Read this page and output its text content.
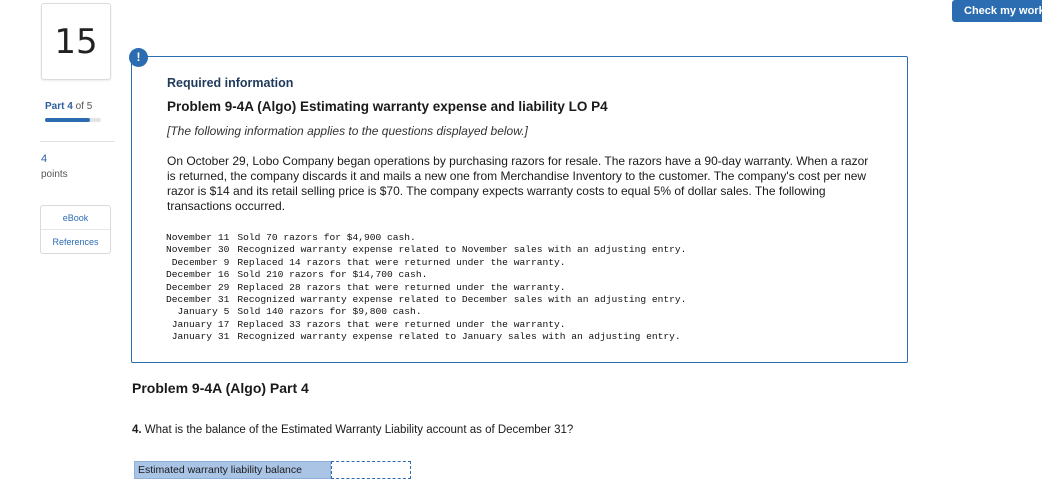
15
Part 4 of 5
4
points
eBook
References
Check my work
!
Required information
Problem 9-4A (Algo) Estimating warranty expense and liability LO P4
[The following information applies to the questions displayed below.]
On October 29, Lobo Company began operations by purchasing razors for resale. The razors have a 90-day warranty. When a razor is returned, the company discards it and mails a new one from Merchandise Inventory to the customer. The company's cost per new razor is $14 and its retail selling price is $70. The company expects warranty costs to equal 5% of dollar sales. The following transactions occurred.
November 11	Sold 70 razors for $4,900 cash.
November 30	Recognized warranty expense related to November sales with an adjusting entry.
December 9	Replaced 14 razors that were returned under the warranty.
December 16	Sold 210 razors for $14,700 cash.
December 29	Replaced 28 razors that were returned under the warranty.
December 31	Recognized warranty expense related to December sales with an adjusting entry.
January 5	Sold 140 razors for $9,800 cash.
January 17	Replaced 33 razors that were returned under the warranty.
January 31	Recognized warranty expense related to January sales with an adjusting entry.
Problem 9-4A (Algo) Part 4
4. What is the balance of the Estimated Warranty Liability account as of December 31?
Estimated warranty liability balance
